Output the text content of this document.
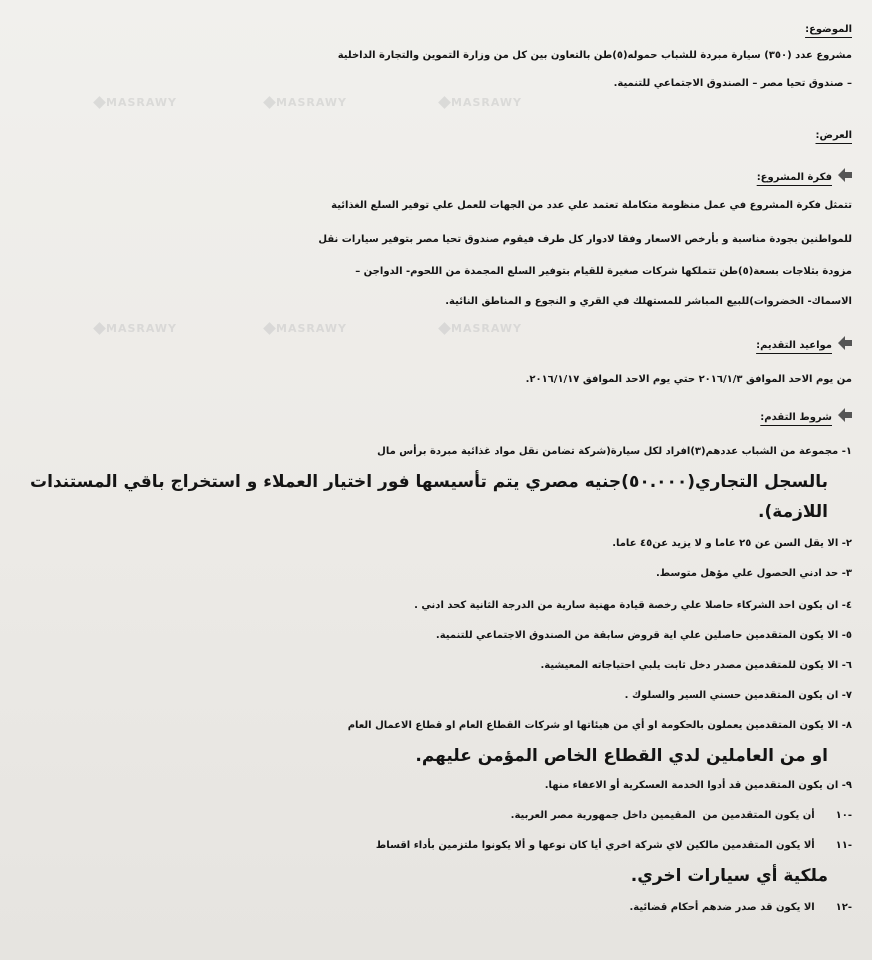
MASRAWY	MASRAWY	MASRAWY
MASRAWY	MASRAWY	MASRAWY
الموضوع:
مشروع عدد (٣٥٠) سيارة مبردة للشباب حموله(٥)طن بالتعاون بين كل من وزارة التموين والتجارة الداخلية
– صندوق تحيا مصر – الصندوق الاجتماعي للتنمية.
العرض:
فكرة المشروع:
تتمثل فكرة المشروع في عمل منظومة متكاملة تعتمد علي عدد من الجهات للعمل علي توفير السلع الغذائية
للمواطنين بجودة مناسبة و بأرخص الاسعار وفقا لادوار كل طرف فيقوم صندوق تحيا مصر بتوفير سيارات نقل
مزودة بثلاجات بسعة(٥)طن تتملكها شركات صغيرة للقيام بتوفير السلع المجمدة من اللحوم- الدواجن –
الاسماك- الخضروات)للبيع المباشر للمستهلك في القري و النجوع و المناطق النائية.
مواعيد التقديم:
من يوم الاحد الموافق ٢٠١٦/١/٣ حتي يوم الاحد الموافق ٢٠١٦/١/١٧.
شروط التقدم:
١- مجموعة من الشباب عددهم(٣)افراد لكل سيارة(شركة تضامن نقل مواد غذائية مبردة برأس مال
بالسجل التجاري(٥٠.٠٠٠)جنيه مصري يتم تأسيسها فور اختيار العملاء و استخراج باقي المستندات
اللازمة).
٢- الا يقل السن عن ٢٥ عاما و لا يزيد عن٤٥ عاما.
٣- حد ادني الحصول علي مؤهل متوسط.
٤- ان يكون احد الشركاء حاصلا علي رخصة قيادة مهنية سارية من الدرجة الثانية كحد ادني .
٥- الا يكون المتقدمين حاصلين علي اية قروض سابقة من الصندوق الاجتماعي للتنمية.
٦- الا يكون للمتقدمين مصدر دخل ثابت يلبي احتياجاته المعيشية.
٧- ان يكون المتقدمين حسني السير والسلوك .
٨- الا يكون المتقدمين يعملون بالحكومة او أي من هيئاتها او شركات القطاع العام او قطاع الاعمال العام
او من العاملين لدي القطاع الخاص المؤمن عليهم.
٩- ان يكون المتقدمين قد أدوا الخدمة العسكرية أو الاعفاء منها.
-١٠      أن يكون المتقدمين من  المقيمين داخل جمهورية مصر العربية.
-١١      ألا يكون المتقدمين مالكين لاي شركة اخري أيا كان نوعها و ألا يكونوا ملتزمين بأداء اقساط
ملكية أي سيارات اخري.
-١٢      الا يكون قد صدر ضدهم أحكام قضائية.
